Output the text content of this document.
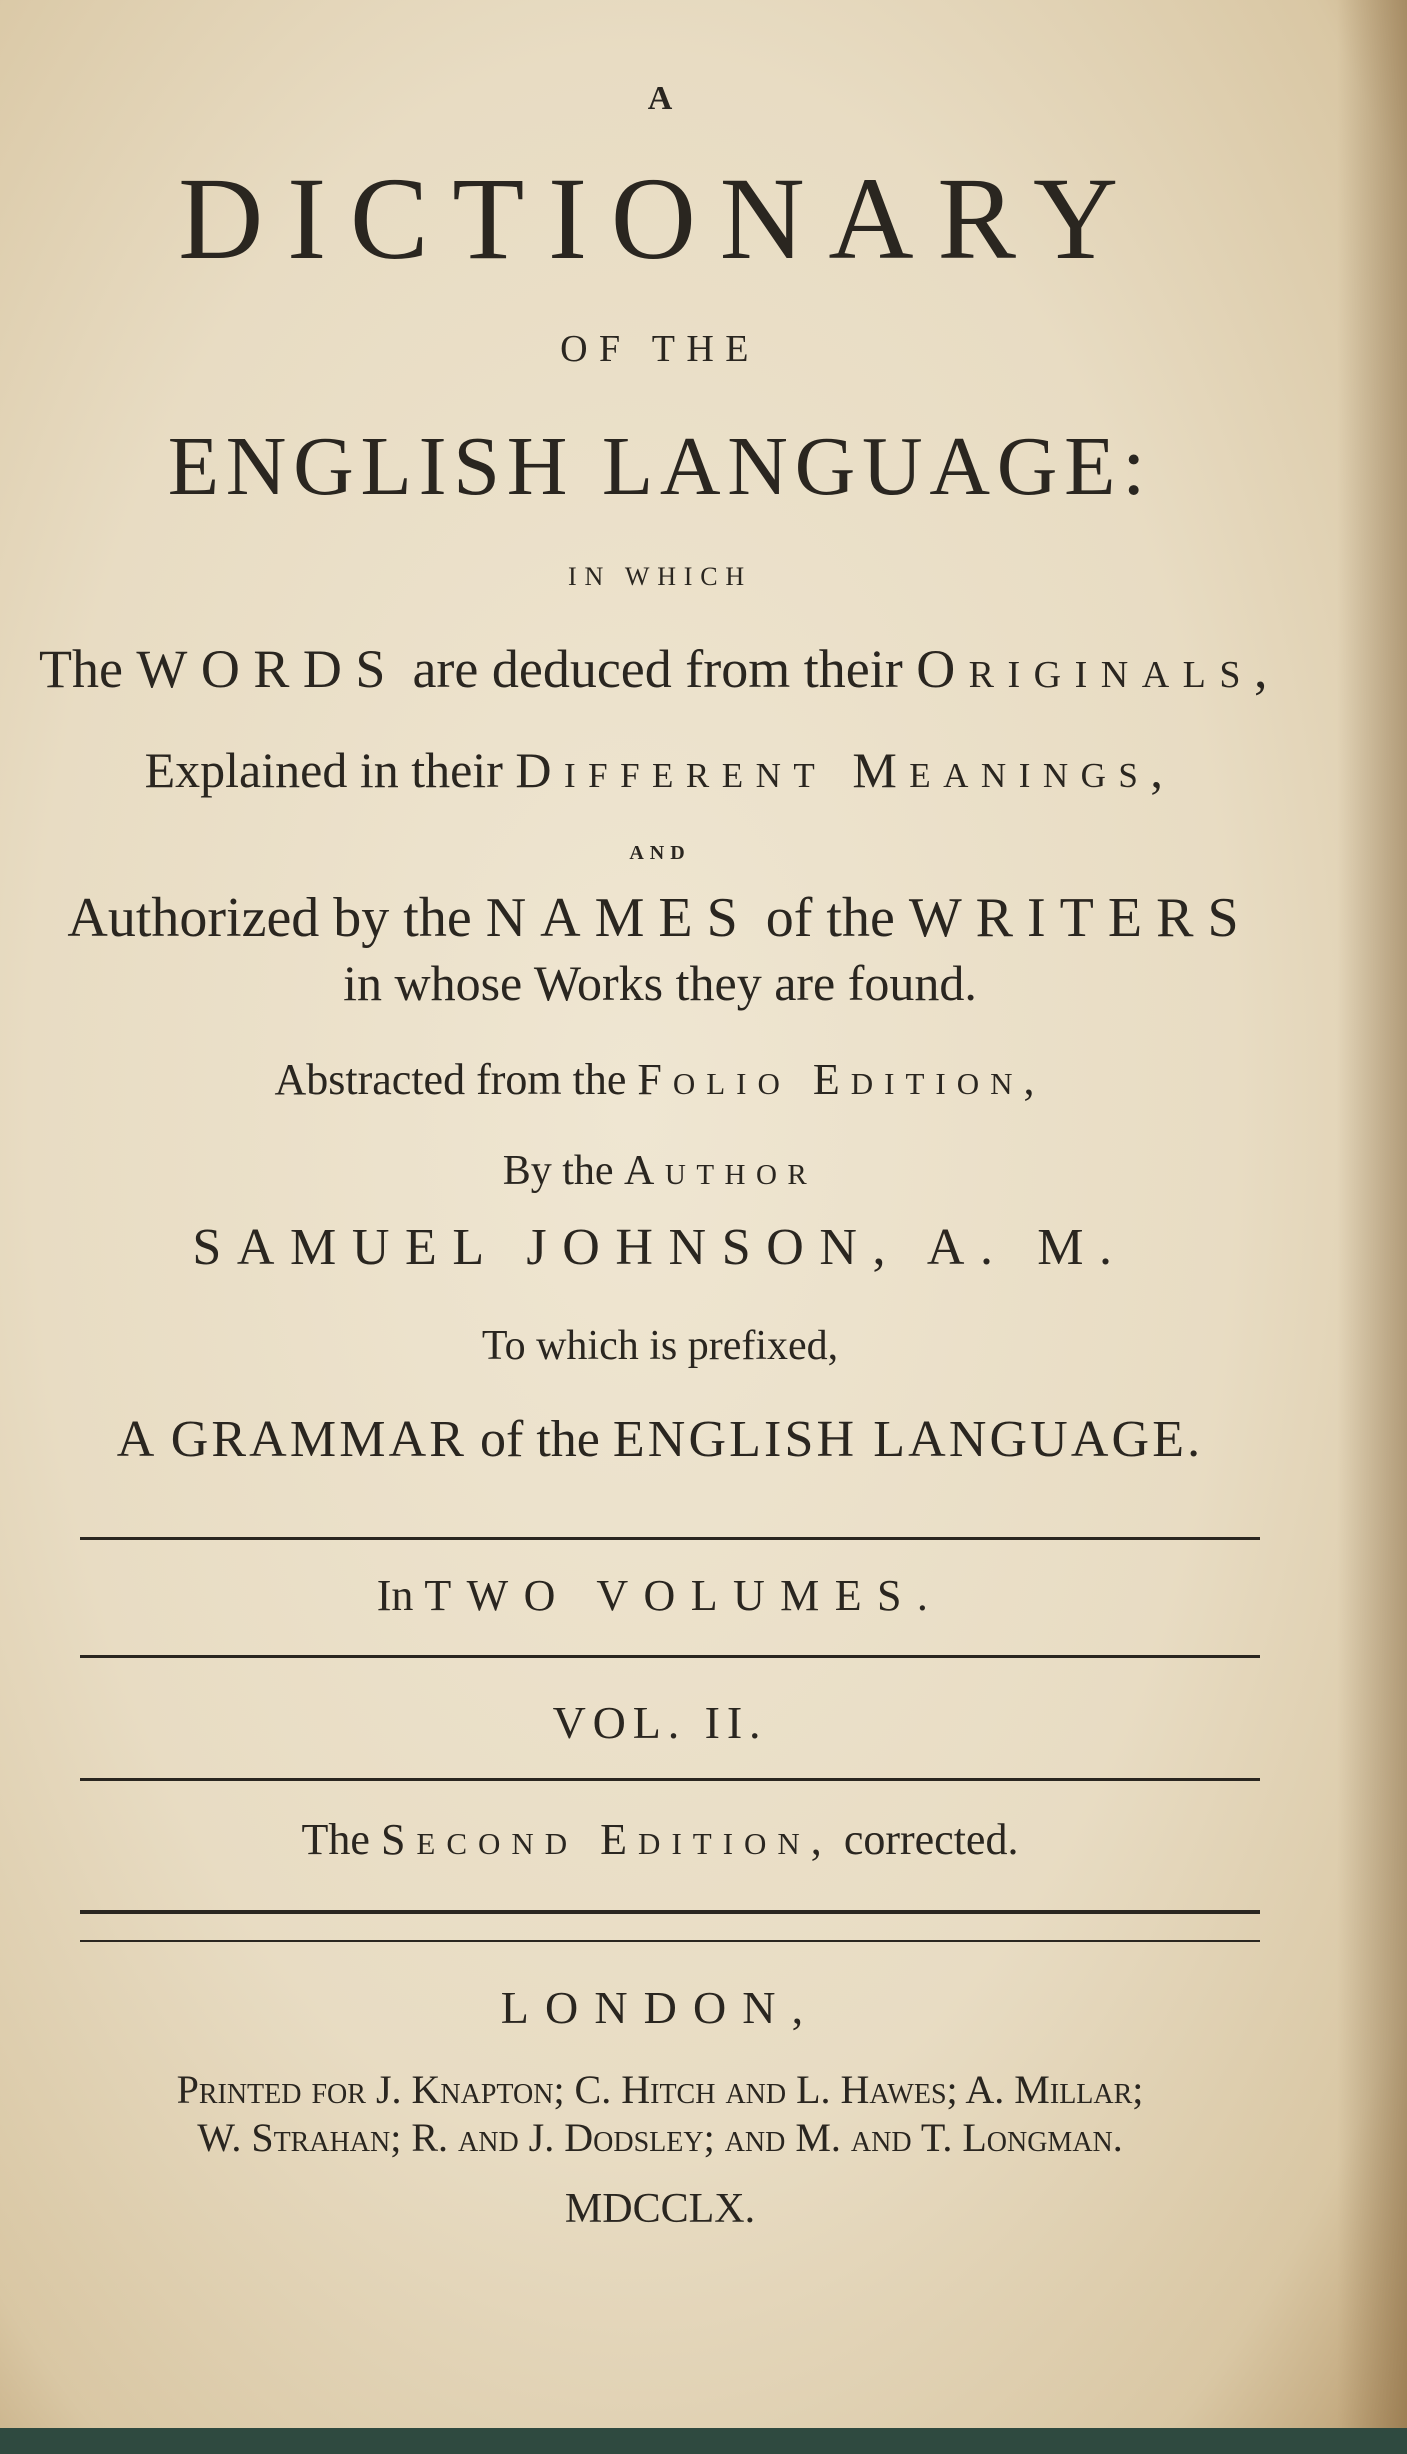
A
DICTIONARY
OF THE
ENGLISH LANGUAGE:
IN WHICH
The WORDS are deduced from their Originals,
Explained in their Different Meanings,
AND
Authorized by the NAMES of the WRITERS
in whose Works they are found.
Abstracted from the Folio Edition,
By the Author
SAMUEL JOHNSON, A. M.
To which is prefixed,
A GRAMMAR of the ENGLISH LANGUAGE.
In TWO VOLUMES.
VOL. II.
The Second Edition, corrected.
LONDON,
Printed for J. Knapton; C. Hitch and L. Hawes; A. Millar;
W. Strahan; R. and J. Dodsley; and M. and T. Longman.
MDCCLX.
